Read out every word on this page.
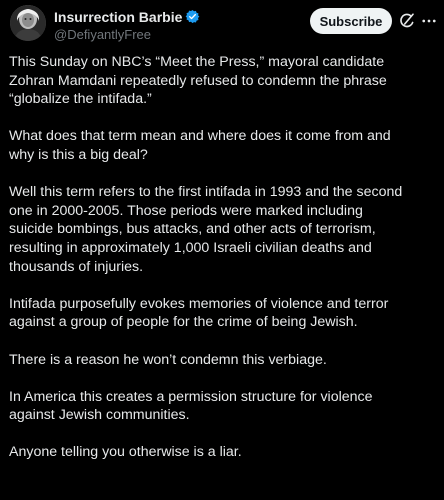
Insurrection Barbie
@DefiyantlyFree
Subscribe

This Sunday on NBC’s “Meet the Press,” mayoral candidate
Zohran Mamdani repeatedly refused to condemn the phrase
“globalize the intifada.”

What does that term mean and where does it come from and
why is this a big deal?

Well this term refers to the first intifada in 1993 and the second
one in 2000-2005. Those periods were marked including
suicide bombings, bus attacks, and other acts of terrorism,
resulting in approximately 1,000 Israeli civilian deaths and
thousands of injuries.

Intifada purposefully evokes memories of violence and terror
against a group of people for the crime of being Jewish.

There is a reason he won’t condemn this verbiage.

In America this creates a permission structure for violence
against Jewish communities.

Anyone telling you otherwise is a liar.
